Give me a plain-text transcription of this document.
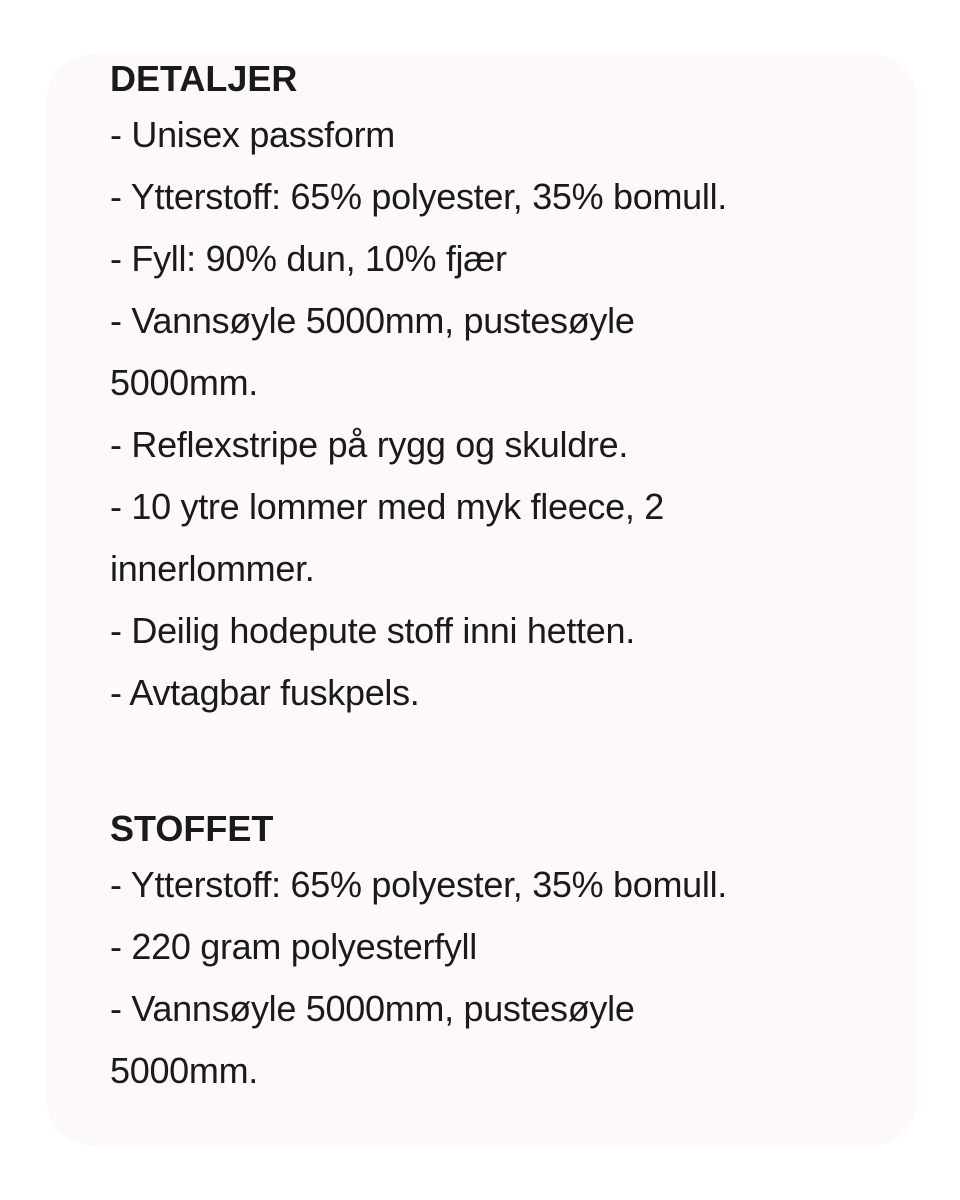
DETALJER

- Unisex passform

- Ytterstoff: 65% polyester, 35% bomull.

- Fyll: 90% dun, 10% fjær

- Vannsøyle 5000mm, pustesøyle

5000mm.

- Reflexstripe på rygg og skuldre.

- 10 ytre lommer med myk fleece, 2

innerlommer.

- Deilig hodepute stoff inni hetten.

- Avtagbar fuskpels.

STOFFET

- Ytterstoff: 65% polyester, 35% bomull.

- 220 gram polyesterfyll

- Vannsøyle 5000mm, pustesøyle

5000mm.
